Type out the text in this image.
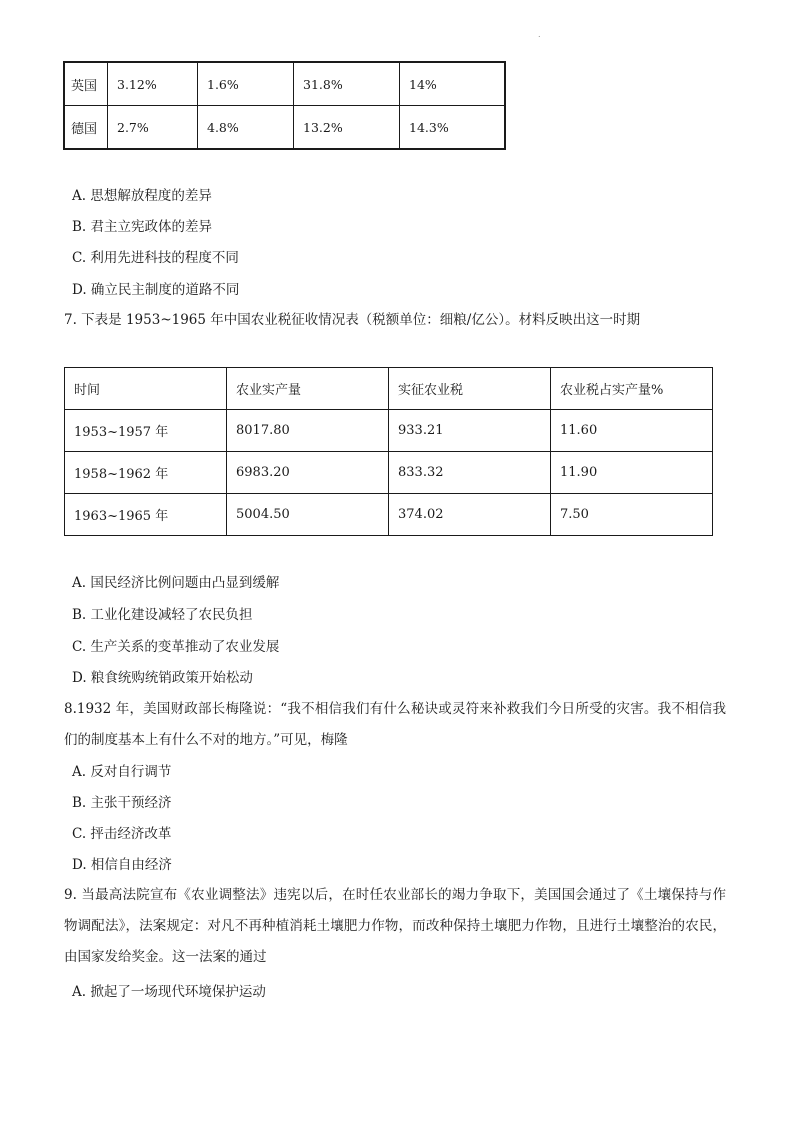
.
英国	3.12%	1.6%	31.8%	14%
德国	2.7%	4.8%	13.2%	14.3%
A. 思想解放程度的差异
B. 君主立宪政体的差异
C. 利用先进科技的程度不同
D. 确立民主制度的道路不同
7. 下表是 1953~1965 年中国农业税征收情况表（税额单位：细粮/亿公）。材料反映出这一时期
时间	农业实产量	实征农业税	农业税占实产量%
1953~1957 年	8017.80	933.21	11.60
1958~1962 年	6983.20	833.32	11.90
1963~1965 年	5004.50	374.02	7.50
A. 国民经济比例问题由凸显到缓解
B. 工业化建设减轻了农民负担
C. 生产关系的变革推动了农业发展
D. 粮食统购统销政策开始松动
8.1932 年，美国财政部长梅隆说：“我不相信我们有什么秘诀或灵符来补救我们今日所受的灾害。我不相信我们的制度基本上有什么不对的地方。”可见，梅隆
A. 反对自行调节
B. 主张干预经济
C. 抨击经济改革
D. 相信自由经济
9. 当最高法院宣布《农业调整法》违宪以后，在时任农业部长的竭力争取下，美国国会通过了《土壤保持与作物调配法》，法案规定：对凡不再种植消耗土壤肥力作物，而改种保持土壤肥力作物，且进行土壤整治的农民，由国家发给奖金。这一法案的通过
A. 掀起了一场现代环境保护运动
